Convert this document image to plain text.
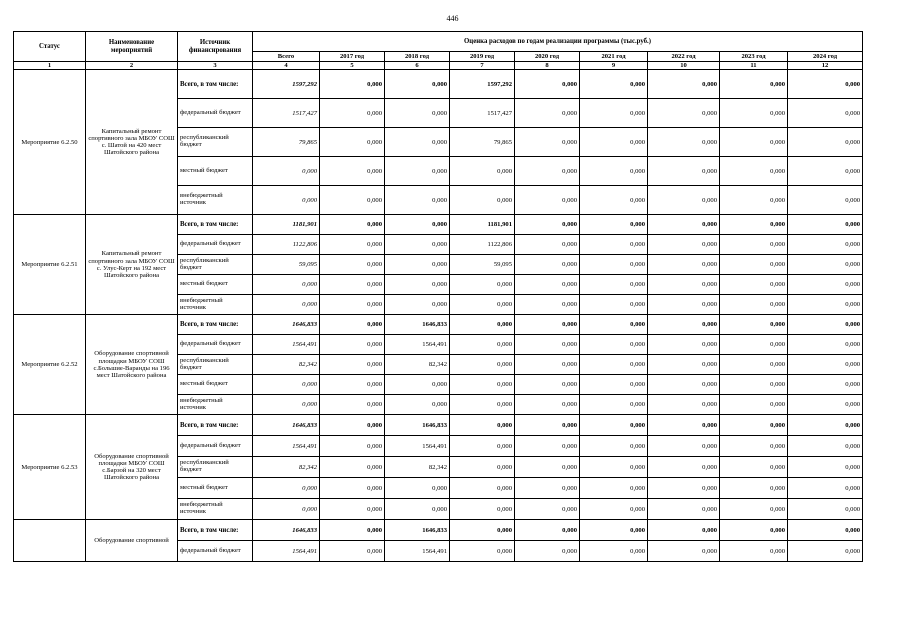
446
Статус	Наименование мероприятий	Источник финансирования	Оценка расходов по годам реализации программы (тыс.руб.)								
			Всего	2017 год	2018 год	2019 год	2020 год	2021 год	2022 год	2023 год	2024 год
1	2	3	4	5	6	7	8	9	10	11	12
Мероприятие 6.2.50	Капитальный ремонт спортивного зала МБОУ СОШ с. Шатой на 420 мест Шатойского района	Всего, в том числе:	1597,292	0,000	0,000	1597,292	0,000	0,000	0,000	0,000	0,000
		федеральный бюджет	1517,427	0,000	0,000	1517,427	0,000	0,000	0,000	0,000	0,000
		республиканский бюджет	79,865	0,000	0,000	79,865	0,000	0,000	0,000	0,000	0,000
		местный бюджет	0,000	0,000	0,000	0,000	0,000	0,000	0,000	0,000	0,000
		внебюджетный источник	0,000	0,000	0,000	0,000	0,000	0,000	0,000	0,000	0,000
Мероприятие 6.2.51	Капитальный ремонт спортивного зала МБОУ СОШ с. Улус-Керт на 192 мест Шатойского района	Всего, в том числе:	1181,901	0,000	0,000	1181,901	0,000	0,000	0,000	0,000	0,000
		федеральный бюджет	1122,806	0,000	0,000	1122,806	0,000	0,000	0,000	0,000	0,000
		республиканский бюджет	59,095	0,000	0,000	59,095	0,000	0,000	0,000	0,000	0,000
		местный бюджет	0,000	0,000	0,000	0,000	0,000	0,000	0,000	0,000	0,000
		внебюджетный источник	0,000	0,000	0,000	0,000	0,000	0,000	0,000	0,000	0,000
Мероприятие 6.2.52	Оборудование спортивной площадки МБОУ СОШ с.Большие-Варанды на 196 мест Шатойского района	Всего, в том числе:	1646,833	0,000	1646,833	0,000	0,000	0,000	0,000	0,000	0,000
		федеральный бюджет	1564,491	0,000	1564,491	0,000	0,000	0,000	0,000	0,000	0,000
		республиканский бюджет	82,342	0,000	82,342	0,000	0,000	0,000	0,000	0,000	0,000
		местный бюджет	0,000	0,000	0,000	0,000	0,000	0,000	0,000	0,000	0,000
		внебюджетный источник	0,000	0,000	0,000	0,000	0,000	0,000	0,000	0,000	0,000
Мероприятие 6.2.53	Оборудование спортивной площадки МБОУ СОШ с.Барзой на 320 мест Шатойского района	Всего, в том числе:	1646,833	0,000	1646,833	0,000	0,000	0,000	0,000	0,000	0,000
		федеральный бюджет	1564,491	0,000	1564,491	0,000	0,000	0,000	0,000	0,000	0,000
		республиканский бюджет	82,342	0,000	82,342	0,000	0,000	0,000	0,000	0,000	0,000
		местный бюджет	0,000	0,000	0,000	0,000	0,000	0,000	0,000	0,000	0,000
		внебюджетный источник	0,000	0,000	0,000	0,000	0,000	0,000	0,000	0,000	0,000
	Оборудование спортивной	Всего, в том числе:	1646,833	0,000	1646,833	0,000	0,000	0,000	0,000	0,000	0,000
		федеральный бюджет	1564,491	0,000	1564,491	0,000	0,000	0,000	0,000	0,000	0,000
